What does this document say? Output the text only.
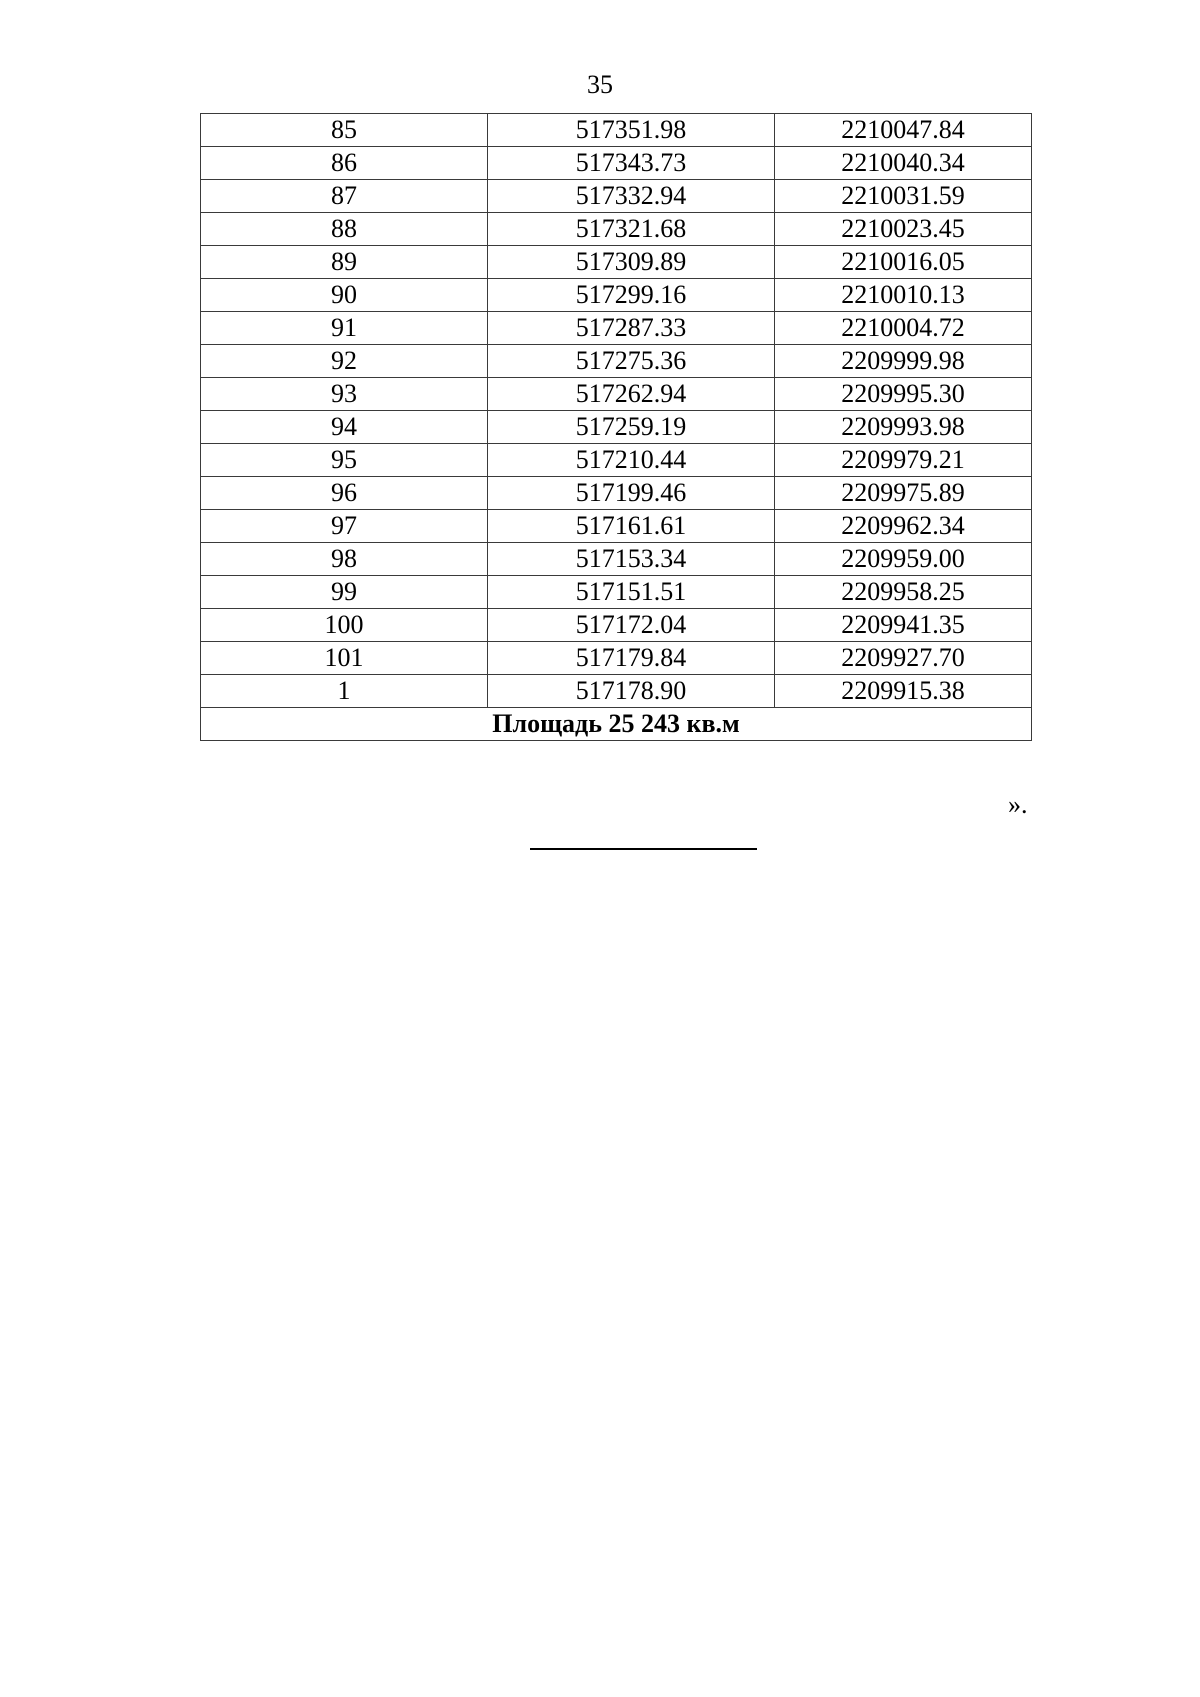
35
85	517351.98	2210047.84
86	517343.73	2210040.34
87	517332.94	2210031.59
88	517321.68	2210023.45
89	517309.89	2210016.05
90	517299.16	2210010.13
91	517287.33	2210004.72
92	517275.36	2209999.98
93	517262.94	2209995.30
94	517259.19	2209993.98
95	517210.44	2209979.21
96	517199.46	2209975.89
97	517161.61	2209962.34
98	517153.34	2209959.00
99	517151.51	2209958.25
100	517172.04	2209941.35
101	517179.84	2209927.70
1	517178.90	2209915.38
Площадь 25 243 кв.м		
».
